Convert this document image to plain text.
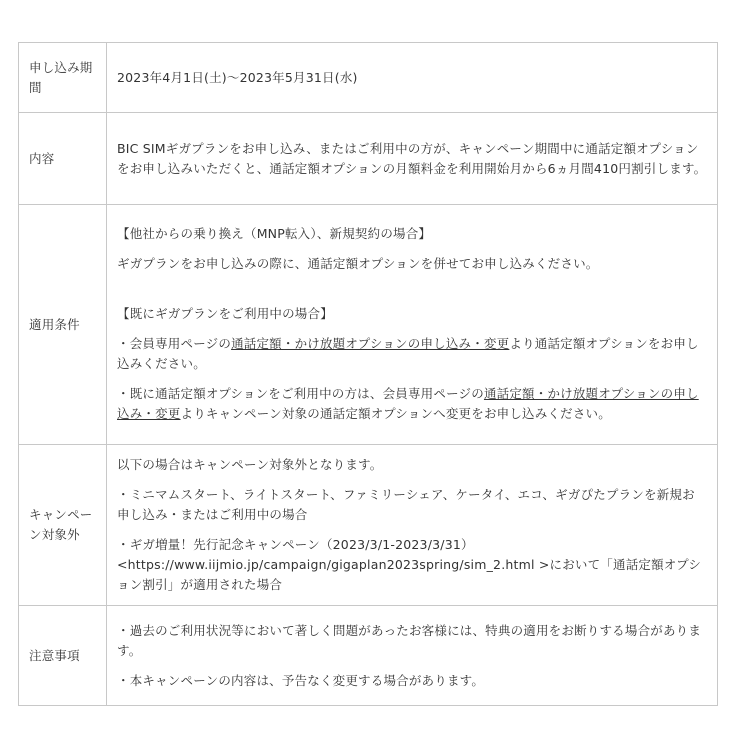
申し込み期間	2023年4月1日(土)〜2023年5月31日(水)
内容	BIC SIMギガプランをお申し込み、またはご利用中の方が、キャンペーン期間中に通話定額オプションをお申し込みいただくと、通話定額オプションの月額料金を利用開始月から6ヵ月間410円割引します。
適用条件	【他社からの乗り換え（MNP転入）、新規契約の場合】

ギガプランをお申し込みの際に、通話定額オプションを併せてお申し込みください。

【既にギガプランをご利用中の場合】

・会員専用ページの通話定額・かけ放題オプションの申し込み・変更より通話定額オプションをお申し込みください。

・既に通話定額オプションをご利用中の方は、会員専用ページの通話定額・かけ放題オプションの申し込み・変更よりキャンペーン対象の通話定額オプションへ変更をお申し込みください。

キャンペーン対象外	以下の場合はキャンペーン対象外となります。

・ミニマムスタート、ライトスタート、ファミリーシェア、ケータイ、エコ、ギガぴたプランを新規お申し込み・またはご利用中の場合

・ギガ増量！先行記念キャンペーン（2023/3/1-2023/3/31）<https://www.iijmio.jp/campaign/gigaplan2023spring/sim_2.html >において「通話定額オプション割引」が適用された場合

注意事項	・過去のご利用状況等において著しく問題があったお客様には、特典の適用をお断りする場合があります。

・本キャンペーンの内容は、予告なく変更する場合があります。
